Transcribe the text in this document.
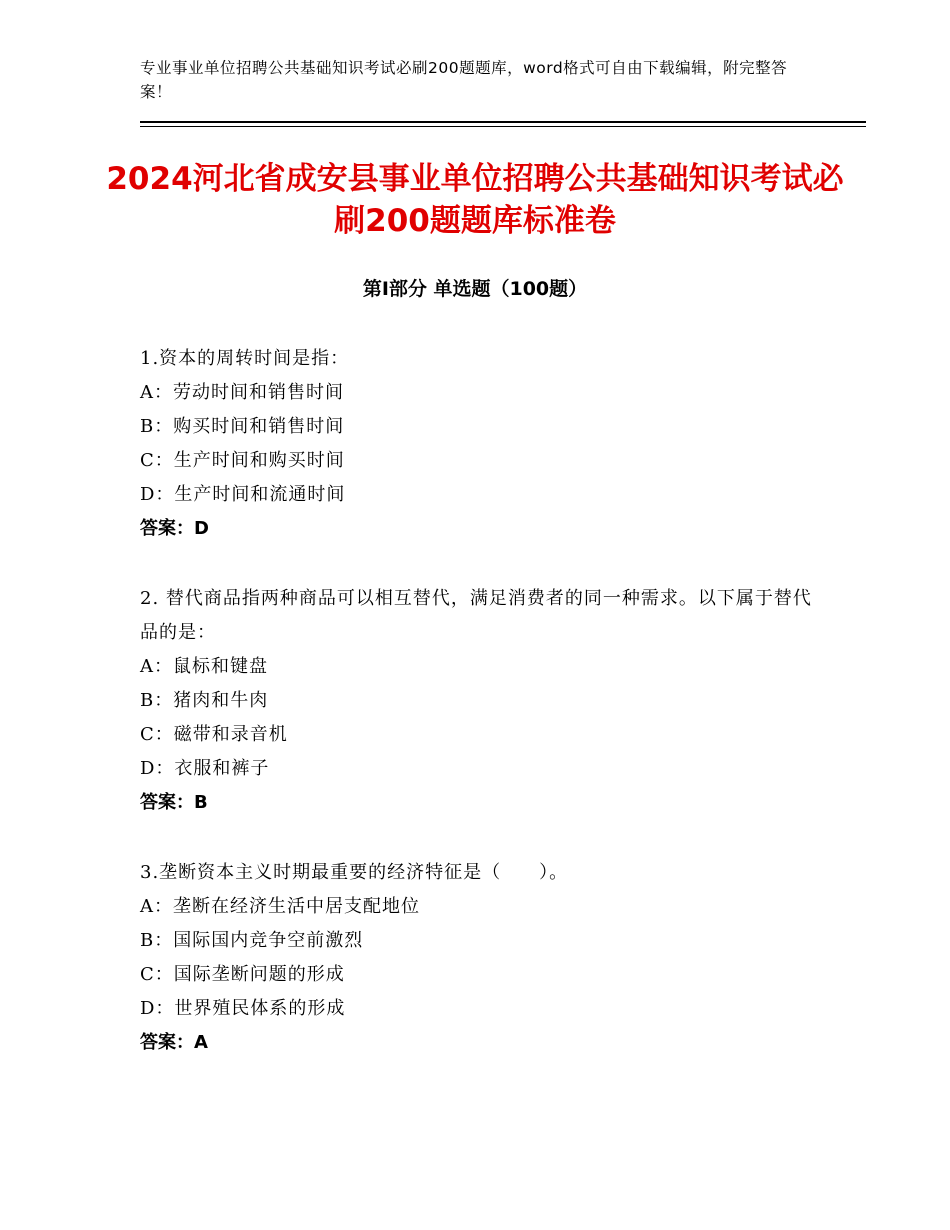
专业事业单位招聘公共基础知识考试必刷200题题库，word格式可自由下载编辑，附完整答案！
2024河北省成安县事业单位招聘公共基础知识考试必刷200题题库标准卷
第Ⅰ部分 单选题（100题）

1.资本的周转时间是指：

A：劳动时间和销售时间

B：购买时间和销售时间

C：生产时间和购买时间

D：生产时间和流通时间

答案：D

2. 替代商品指两种商品可以相互替代，满足消费者的同一种需求。以下属于替代品的是：

A：鼠标和键盘

B：猪肉和牛肉

C：磁带和录音机

D：衣服和裤子

答案：B

3.垄断资本主义时期最重要的经济特征是（　　）。

A：垄断在经济生活中居支配地位

B：国际国内竞争空前激烈

C：国际垄断问题的形成

D：世界殖民体系的形成

答案：A
